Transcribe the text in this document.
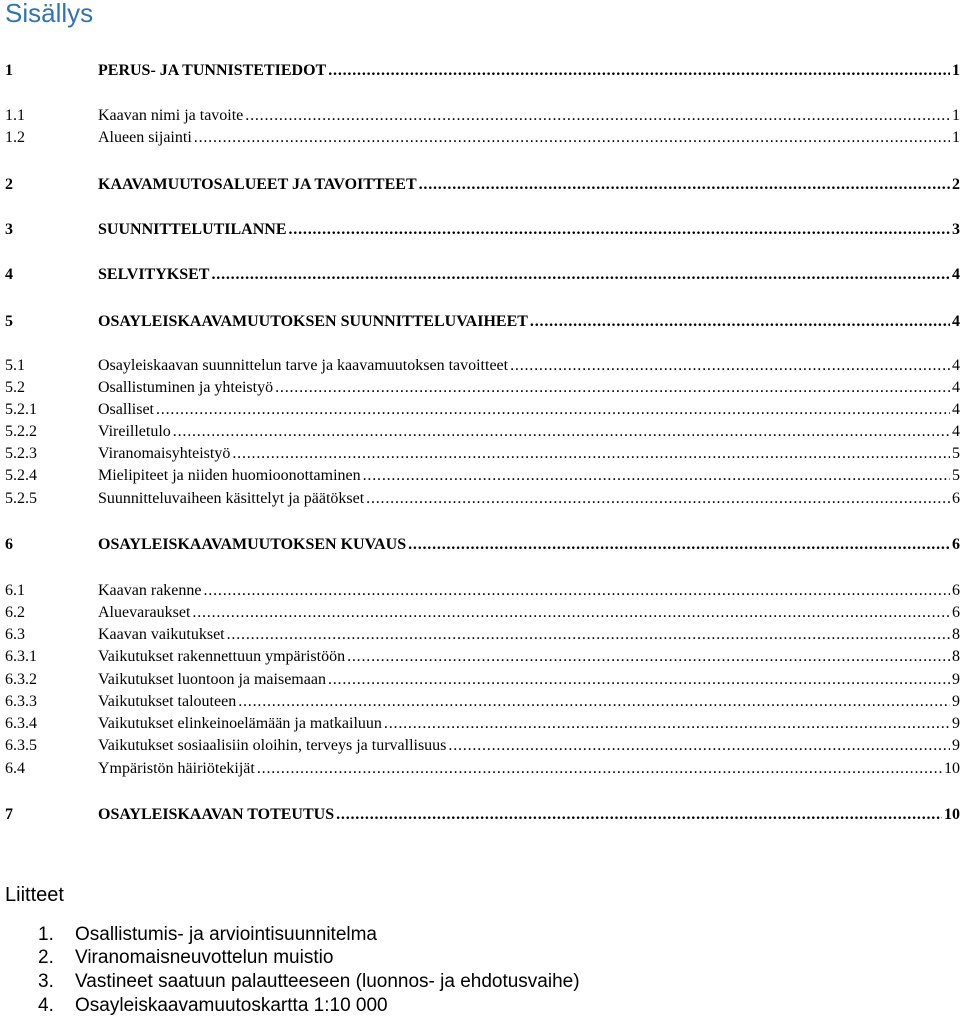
Sisällys
1	PERUS- JA TUNNISTETIEDOT . . .	1
1.1	Kaavan nimi ja tavoite . . .	1
1.2	Alueen sijainti . . .	1
2	KAAVAMUUTOSALUEET JA TAVOITTEET . . .	2
3	SUUNNITTELUTILANNE . . .	3
4	SELVITYKSET . . .	4
5	OSAYLEISKAAVAMUUTOKSEN SUUNNITTELUVAIHEET . . .	4
5.1	Osayleiskaavan suunnittelun tarve ja kaavamuutoksen tavoitteet . . .	4
5.2	Osallistuminen ja yhteistyö . . .	4
5.2.1	Osalliset . . .	4
5.2.2	Vireilletulo . . .	4
5.2.3	Viranomaisyhteistyö . . .	5
5.2.4	Mielipiteet ja niiden huomioonottaminen . . .	5
5.2.5	Suunnitteluvaiheen käsittelyt ja päätökset . . .	6
6	OSAYLEISKAAVAMUUTOKSEN KUVAUS . . .	6
6.1	Kaavan rakenne . . .	6
6.2	Aluevaraukset . . .	6
6.3	Kaavan vaikutukset . . .	8
6.3.1	Vaikutukset rakennettuun ympäristöön . . .	8
6.3.2	Vaikutukset luontoon ja maisemaan . . .	9
6.3.3	Vaikutukset talouteen . . .	9
6.3.4	Vaikutukset elinkeinoelämään ja matkailuun . . .	9
6.3.5	Vaikutukset sosiaalisiin oloihin, terveys ja turvallisuus . . .	9
6.4	Ympäristön häiriötekijät . . .	10
7	OSAYLEISKAAVAN TOTEUTUS . . .	10
Liitteet
1. Osallistumis- ja arviointisuunnitelma
2. Viranomaisneuvottelun muistio
3. Vastineet saatuun palautteeseen (luonnos- ja ehdotusvaihe)
4. Osayleiskaavamuutoskartta 1:10 000
